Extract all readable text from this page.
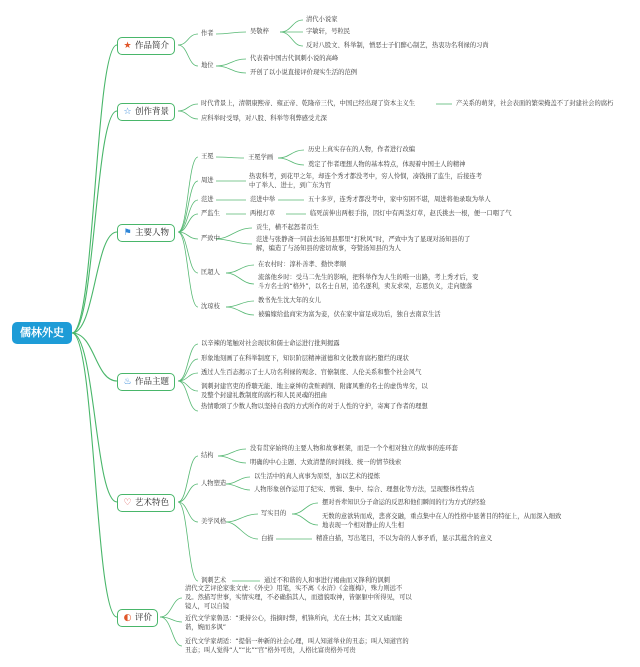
儒林外史
★ 作品简介
☆ 创作背景
⚑ 主要人物
♨ 作品主题
♡ 艺术特色
◐ 评价
作者	吴敬梓
清代小说家
字敏轩，号粒民
反对八股文、科举制，憎恶士子们醉心制艺，热衷功名利禄的习尚
地位
代表着中国古代讽刺小说的高峰
开创了以小说直接评价现实生活的范例
时代背景上，清朝康熙帝、雍正帝、乾隆帝三代，中国已经出现了资本主义生	产关系的萌芽，社会表面的繁荣掩盖不了封建社会的腐朽
应科举时受辱，对八股、科举等利弊感受尤深
王冕	王冕学画
历史上真实存在的人物，作者进行改编
奠定了作者理想人物的基本特点，体现着中国士人的精神
周进
热衷科考，到花甲之年，却连个秀才都没考中，穷人怜悯，凑钱捐了监生，后接连考中了举人、进士，到广东为官
范进	范进中举	五十多岁，连秀才都没考中，家中穷困不堪，周进将他录取为举人
严监生	两根灯草	临死前伸出两根手指，因灯中有两茎灯草，赵氏挑去一根，便一口咽了气
严致中
贡生，横不起怒者贡生
范进与张静斋一同前去汤知县那里“打秋风”时，严致中为了显现对汤知县的了解，编造了与汤知县的密切故事，夸赞汤知县的为人
匡超人
在农村时：淳朴善孝、勤快孝顺
流落他乡时：受马二先生的影响，把科举作为人生的唯一出路，考上秀才后，变斗方名士的“格外”，以名士自居，追名逐利，卖友求荣，忘恩负义，走向堕落
沈琼枝
教书先生沈大年的女儿
被骗嫁给盐商宋为富为妾，伏在家中富足成功后，独自去南京生活
以辛辣的笔触对社会现状和儒士命运进行批判揭露
形象地刻画了在科举制度下，知识阶层精神道德和文化教育腐朽堕烂的现状
透过人生百态揭示了士人功名利禄的观念、官僚制度、人伦关系和整个社会风气
讽刺封建官吏的昏聩无能、地主豪绅的贪赃剥削、附庸风雅的名士的虚伪卑劣，以及整个封建礼教制度的腐朽和人民灵魂的扭曲
热情歌颂了少数人物以坚持自我的方式所作的对于人性的守护，寄寓了作者的理想
结构
没有贯穿始终的主要人物和故事框架，而是一个个相对独立的故事的连环套
明确的中心主题、大致清楚的时间线、统一的情节线索
人物塑造
以生活中的真人真事为原型，加以艺术的提炼
人物形象创作运用了纪实、剪辑、集中、综合、理想化等方法，呈现整体性特点
美学风格
写实目的
摆对吾辈知识分子命运的反思和他们瞬间的行为方式的经验
无数的意欲转而成，悲喜交融，重点集中在人的性格中显著目的特征上，从而深入细致地表现一个相对静止的人生相
白描	精准白描，写出笔目，不以为奇的人事矛盾，显示其蕴含的意义
讽刺艺术	通过不和谐的人和事进行褐曲而又锋利的讽刺
清代文艺评论家张文虎：《外史》用笔，实不离《水浒》《金瓶梅》，殊力则远不及。然描写世事，实情实理，不必确指其人，而遗貌取神，皆躯躯中所得见，可以镜人，可以自镜
近代文学家鲁迅：“秉持公心，指摘时弊，机锋所向，尤在士林；其文又戚而能谐，婉而多讽”
近代文学家胡适：“提倡一种新的社会心理，叫人知道举业的丑态；叫人知道官的丑态；叫人觉得“人”“比”“官”格外可贵，人格比富贵格外可贵
